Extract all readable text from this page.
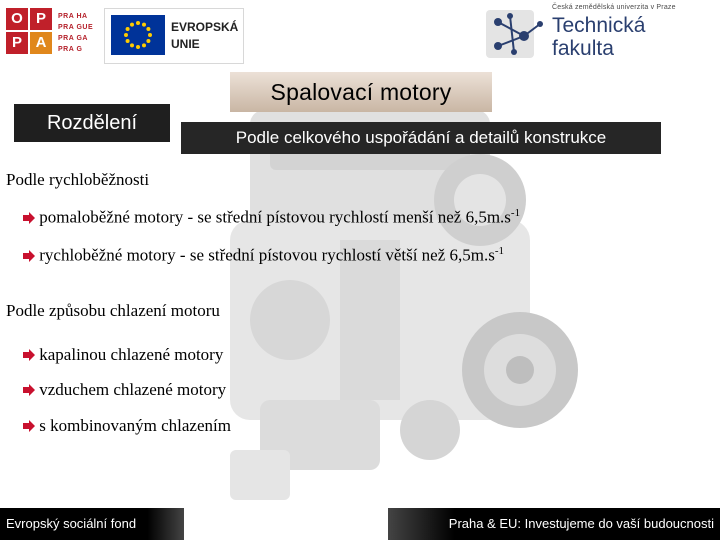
O P
P A
PRA HA
PRA GUE
PRA GA
PRA G
EVROPSKÁ
UNIE
Česká zemědělská univerzita v Praze
Technická
fakulta
Spalovací motory
Rozdělení
Podle celkového uspořádání a detailů konstrukce
Podle rychloběžnosti
pomaloběžné motory - se střední pístovou rychlostí menší než $6,5m.s^{-1}$
rychloběžné motory - se střední pístovou rychlostí větší než $6,5m.s^{-1}$
Podle způsobu chlazení motoru
kapalinou chlazené motory
vzduchem chlazené motory
s kombinovaným chlazením
Evropský sociální fond	Praha & EU: Investujeme do vaší budoucnosti
